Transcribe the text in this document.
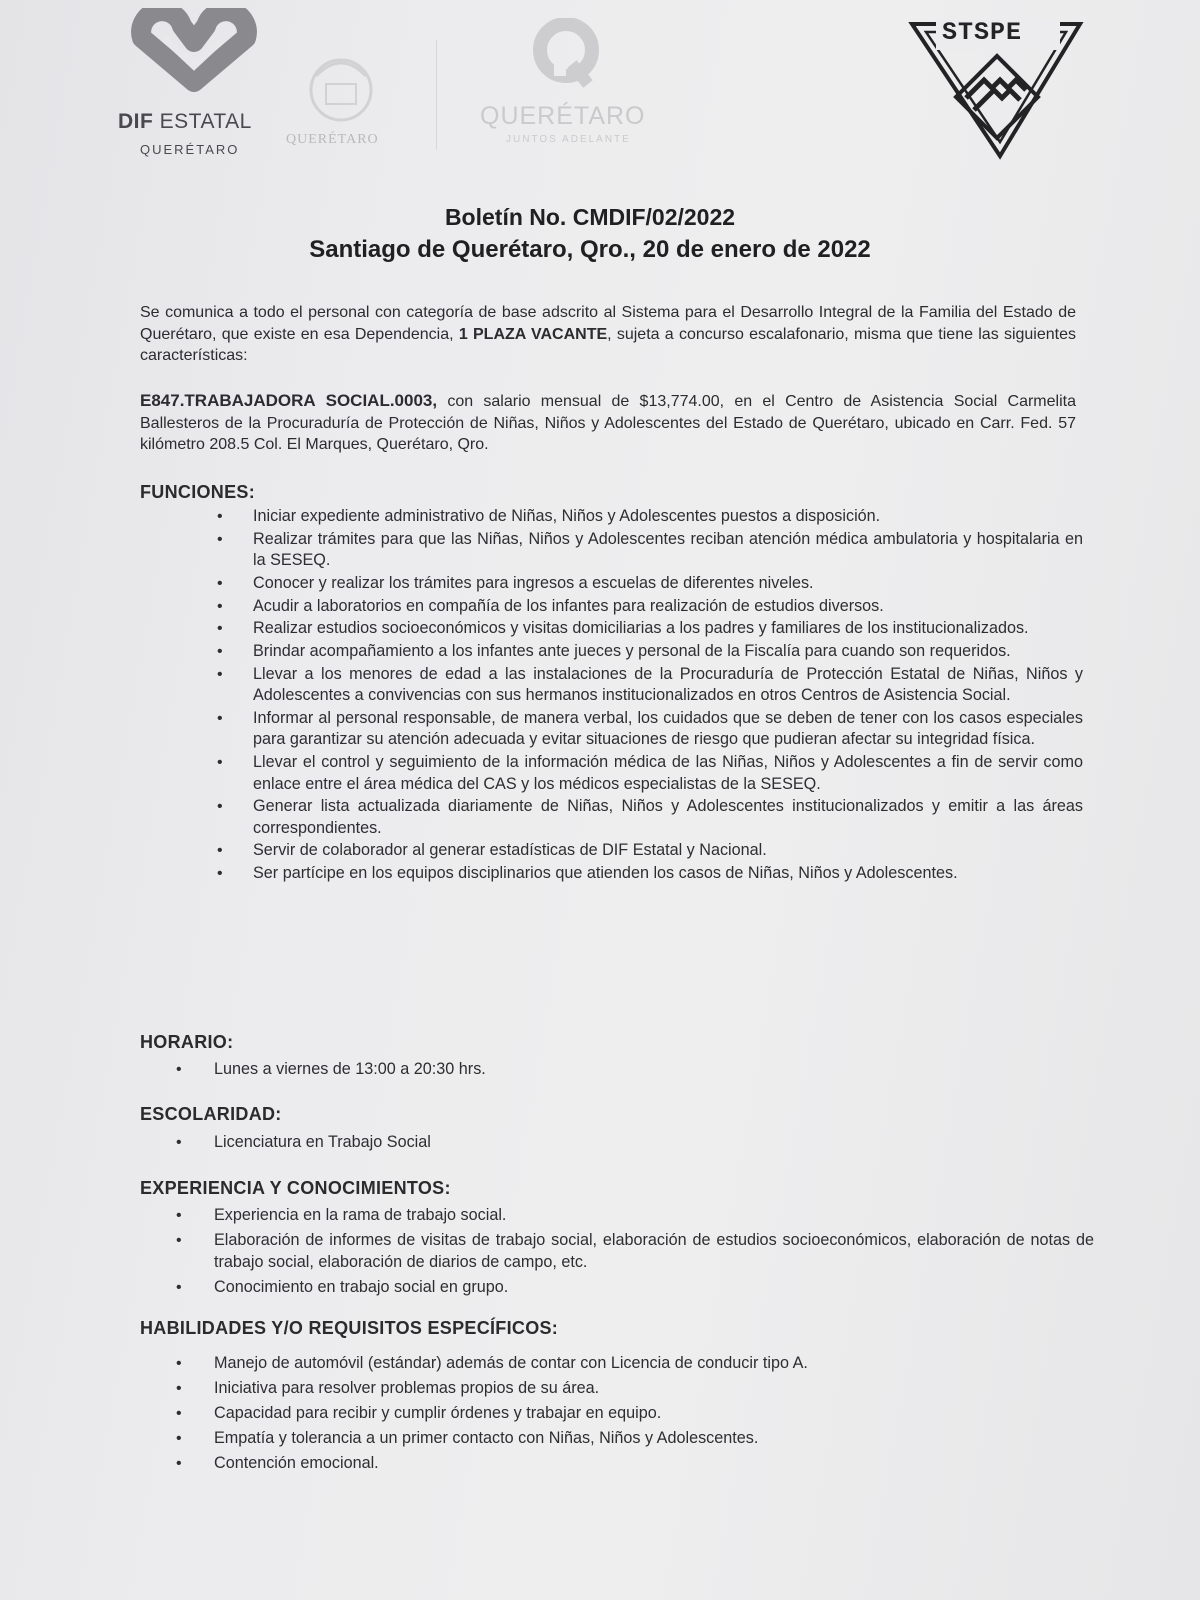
DIF ESTATAL
QUERÉTARO
QUERÉTARO
QUERÉTARO
JUNTOS ADELANTE
STSPE
Boletín No. CMDIF/02/2022
Santiago de Querétaro, Qro., 20 de enero de 2022
Se comunica a todo el personal con categoría de base adscrito al Sistema para el Desarrollo Integral de la Familia del Estado de Querétaro, que existe en esa Dependencia, 1 PLAZA VACANTE, sujeta a concurso escalafonario, misma que tiene las siguientes características:
E847.TRABAJADORA SOCIAL.0003, con salario mensual de $13,774.00, en el Centro de Asistencia Social Carmelita Ballesteros de la Procuraduría de Protección de Niñas, Niños y Adolescentes del Estado de Querétaro, ubicado en Carr. Fed. 57 kilómetro 208.5 Col. El Marques, Querétaro, Qro.
FUNCIONES:
• Iniciar expediente administrativo de Niñas, Niños y Adolescentes puestos a disposición.
• Realizar trámites para que las Niñas, Niños y Adolescentes reciban atención médica ambulatoria y hospitalaria en la SESEQ.
• Conocer y realizar los trámites para ingresos a escuelas de diferentes niveles.
• Acudir a laboratorios en compañía de los infantes para realización de estudios diversos.
• Realizar estudios socioeconómicos y visitas domiciliarias a los padres y familiares de los institucionalizados.
• Brindar acompañamiento a los infantes ante jueces y personal de la Fiscalía para cuando son requeridos.
• Llevar a los menores de edad a las instalaciones de la Procuraduría de Protección Estatal de Niñas, Niños y Adolescentes a convivencias con sus hermanos institucionalizados en otros Centros de Asistencia Social.
• Informar al personal responsable, de manera verbal, los cuidados que se deben de tener con los casos especiales para garantizar su atención adecuada y evitar situaciones de riesgo que pudieran afectar su integridad física.
• Llevar el control y seguimiento de la información médica de las Niñas, Niños y Adolescentes a fin de servir como enlace entre el área médica del CAS y los médicos especialistas de la SESEQ.
• Generar lista actualizada diariamente de Niñas, Niños y Adolescentes institucionalizados y emitir a las áreas correspondientes.
• Servir de colaborador al generar estadísticas de DIF Estatal y Nacional.
• Ser partícipe en los equipos disciplinarios que atienden los casos de Niñas, Niños y Adolescentes.
HORARIO:
• Lunes a viernes de 13:00 a 20:30 hrs.
ESCOLARIDAD:
• Licenciatura en Trabajo Social
EXPERIENCIA Y CONOCIMIENTOS:
• Experiencia en la rama de trabajo social.
• Elaboración de informes de visitas de trabajo social, elaboración de estudios socioeconómicos, elaboración de notas de trabajo social, elaboración de diarios de campo, etc.
• Conocimiento en trabajo social en grupo.
HABILIDADES Y/O REQUISITOS ESPECÍFICOS:
• Manejo de automóvil (estándar) además de contar con Licencia de conducir tipo A.
• Iniciativa para resolver problemas propios de su área.
• Capacidad para recibir y cumplir órdenes y trabajar en equipo.
• Empatía y tolerancia a un primer contacto con Niñas, Niños y Adolescentes.
• Contención emocional.
